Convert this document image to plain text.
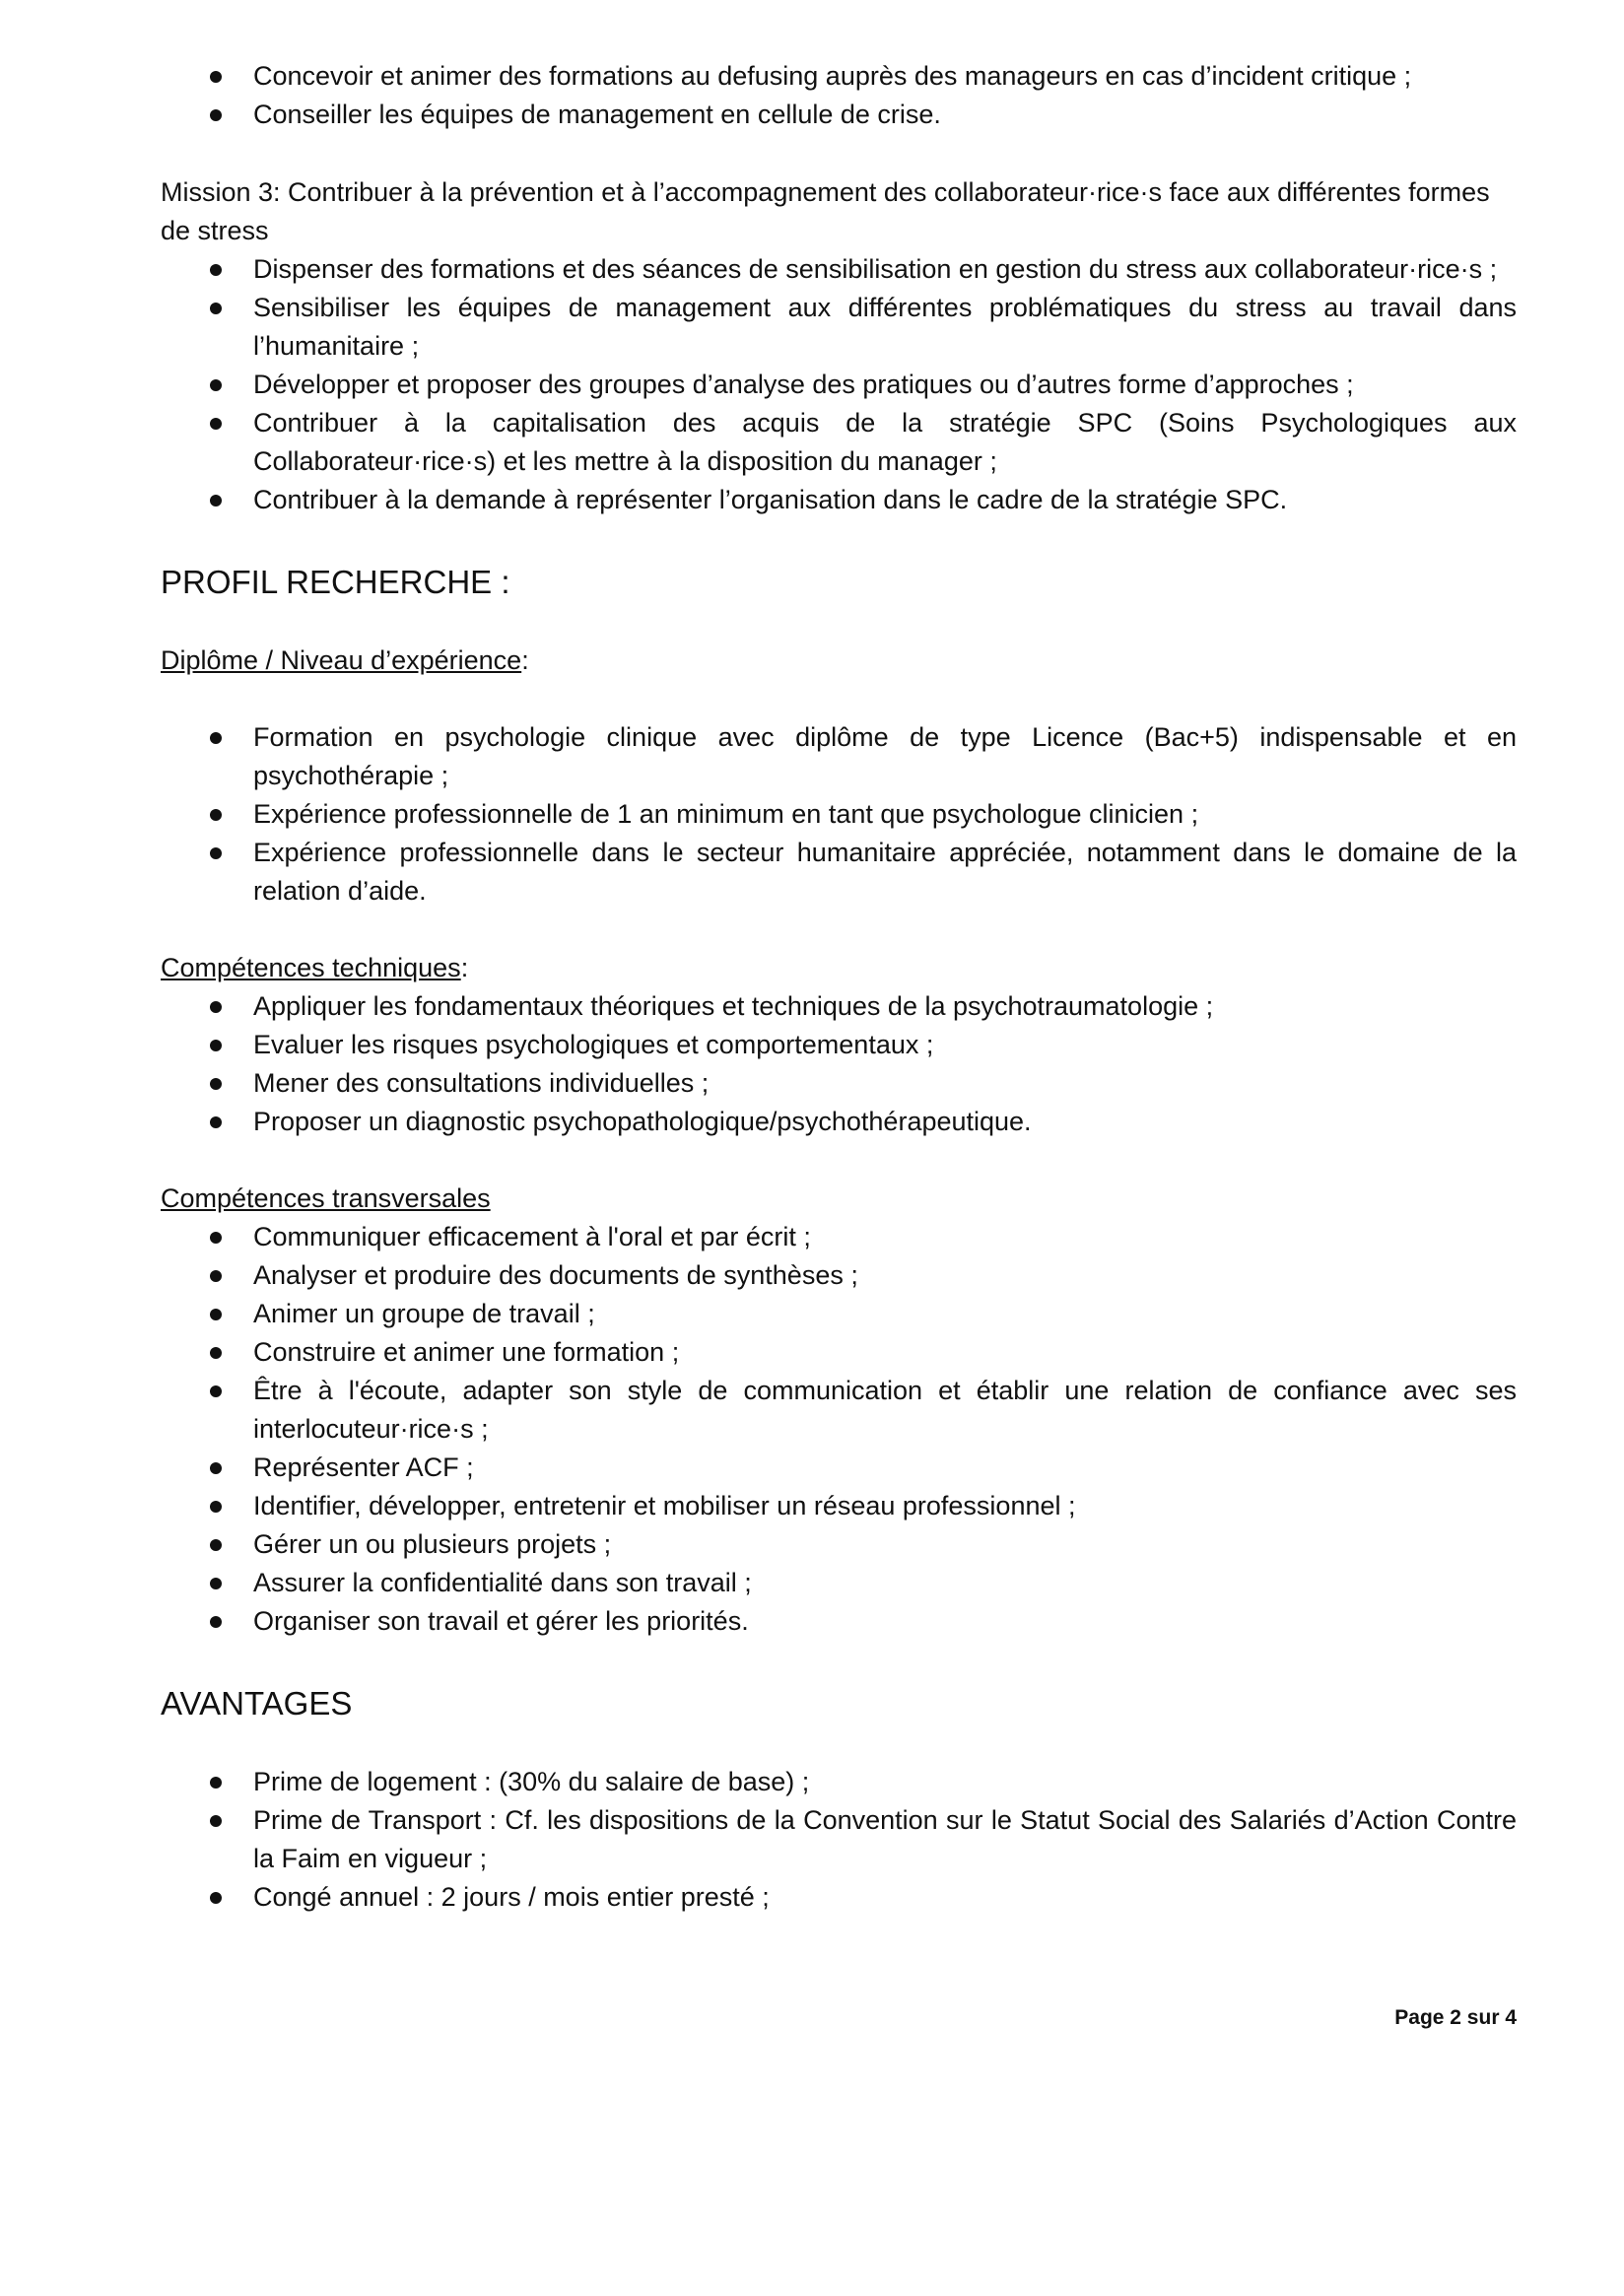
Concevoir et animer des formations au defusing auprès des manageurs en cas d’incident critique ;
Conseiller les équipes de management en cellule de crise.

Mission 3: Contribuer à la prévention et à l’accompagnement des collaborateur·rice·s face aux différentes formes de stress

Dispenser des formations et des séances de sensibilisation en gestion du stress aux collaborateur·rice·s ;
Sensibiliser les équipes de management aux différentes problématiques du stress au travail dans l’humanitaire ;
Développer et proposer des groupes d’analyse des pratiques ou d’autres forme d’approches ;
Contribuer à la capitalisation des acquis de la stratégie SPC (Soins Psychologiques aux Collaborateur·rice·s) et les mettre à la disposition du manager ;
Contribuer à la demande à représenter l’organisation dans le cadre de la stratégie SPC.
PROFIL RECHERCHE :

Diplôme / Niveau d’expérience:

Formation en psychologie clinique avec diplôme de type Licence (Bac+5) indispensable et en psychothérapie ;
Expérience professionnelle de 1 an minimum en tant que psychologue clinicien ;
Expérience professionnelle dans le secteur humanitaire appréciée, notamment dans le domaine de la relation d’aide.

Compétences techniques:

Appliquer les fondamentaux théoriques et techniques de la psychotraumatologie ;
Evaluer les risques psychologiques et comportementaux ;
Mener des consultations individuelles ;
Proposer un diagnostic psychopathologique/psychothérapeutique.

Compétences transversales

Communiquer efficacement à l'oral et par écrit ;
Analyser et produire des documents de synthèses ;
Animer un groupe de travail ;
Construire et animer une formation ;
Être à l'écoute, adapter son style de communication et établir une relation de confiance avec ses interlocuteur·rice·s ;
Représenter ACF ;
Identifier, développer, entretenir et mobiliser un réseau professionnel ;
Gérer un ou plusieurs projets ;
Assurer la confidentialité dans son travail ;
Organiser son travail et gérer les priorités.
AVANTAGES
Prime de logement : (30% du salaire de base) ;
Prime de Transport : Cf. les dispositions de la Convention sur le Statut Social des Salariés d’Action Contre la Faim en vigueur ;
Congé annuel : 2 jours / mois entier presté ;
Page 2 sur 4
